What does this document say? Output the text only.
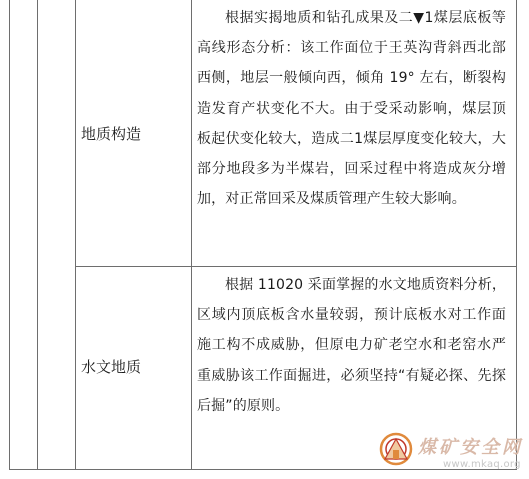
地质构造

根据实揭地质和钻孔成果及二▼1煤层底板等高线形态分析：该工作面位于王英沟背斜西北部西侧，地层一般倾向西，倾角 19° 左右，断裂构造发育产状变化不大。由于受采动影响，煤层顶板起伏变化较大，造成二1煤层厚度变化较大，大部分地段多为半煤岩，回采过程中将造成灰分增加，对正常回采及煤质管理产生较大影响。

水文地质

根据 11020 采面掌握的水文地质资料分析，区域内顶底板含水量较弱，预计底板水对工作面施工构不成威胁，但原电力矿老空水和老窑水严重威胁该工作面掘进，必须坚持“有疑必探、先探后掘”的原则。

煤矿安全网
www.mkaq.org
